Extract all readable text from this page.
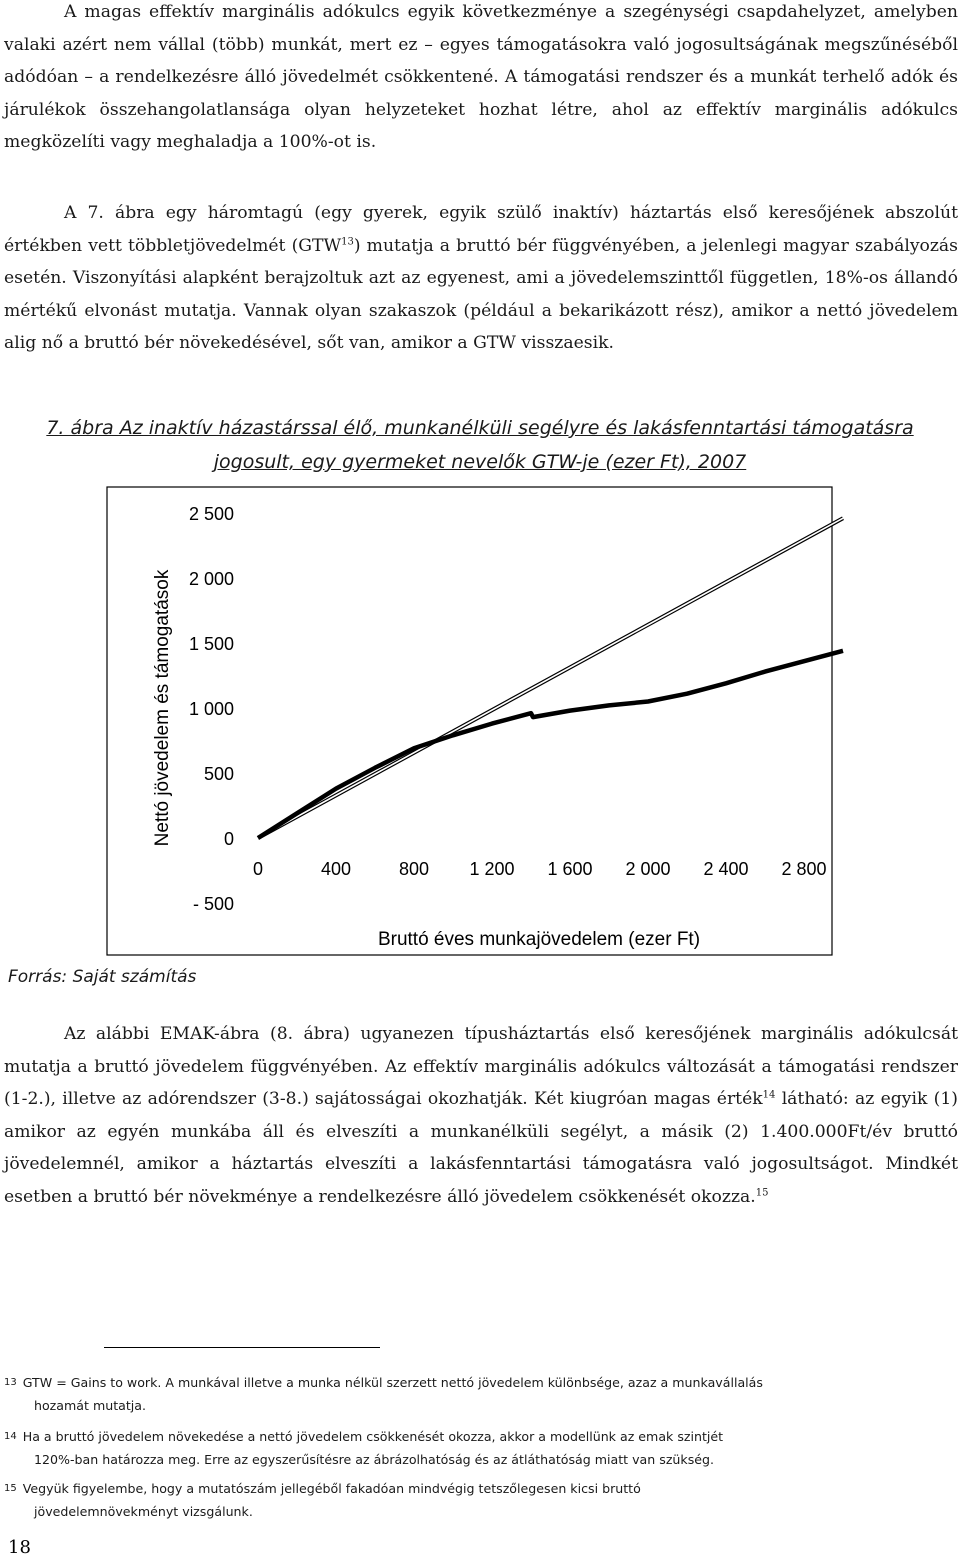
A magas effektív marginális adókulcs egyik következménye a szegénységi csapdahelyzet, amelyben valaki azért nem vállal (több) munkát, mert ez – egyes támogatásokra való jogosultságának megszűnéséből adódóan – a rendelkezésre álló jövedelmét csökkentené. A támogatási rendszer és a munkát terhelő adók és járulékok összehangolatlansága olyan helyzeteket hozhat létre, ahol az effektív marginális adókulcs megközelíti vagy meghaladja a 100%-ot is.

A 7. ábra egy háromtagú (egy gyerek, egyik szülő inaktív) háztartás első keresőjének abszolút értékben vett többletjövedelmét (GTW$^{13}$) mutatja a bruttó bér függvényében, a jelenlegi magyar szabályozás esetén. Viszonyítási alapként berajzoltuk azt az egyenest, ami a jövedelemszinttől független, 18%-os állandó mértékű elvonást mutatja. Vannak olyan szakaszok (például a bekarikázott rész), amikor a nettó jövedelem alig nő a bruttó bér növekedésével, sőt van, amikor a GTW visszaesik.

7. ábra Az inaktív házastárssal élő, munkanélküli segélyre és lakásfenntartási támogatásra
jogosult, egy gyermeket nevelők GTW-je (ezer Ft), 2007
Nettó jövedelem és támogatások
Bruttó éves munkajövedelem (ezer Ft)
2 500
2 000
1 500
1 000
500
0
- 500
0	400	800 1 200 1 600 2 000 2 400 2 800
Forrás: Saját számítás

Az alábbi EMAK-ábra (8. ábra) ugyanezen típusháztartás első keresőjének marginális adókulcsát mutatja a bruttó jövedelem függvényében. Az effektív marginális adókulcs változását a támogatási rendszer (1-2.), illetve az adórendszer (3-8.) sajátosságai okozhatják. Két kiugróan magas érték$^{14}$ látható: az egyik (1) amikor az egyén munkába áll és elveszíti a munkanélküli segélyt, a másik (2) 1.400.000Ft/év bruttó jövedelemnél, amikor a háztartás elveszíti a lakásfenntartási támogatásra való jogosultságot. Mindkét esetben a bruttó bér növekménye a rendelkezésre álló jövedelem csökkenését okozza.$^{15}$

13 GTW = Gains to work. A munkával illetve a munka nélkül szerzett nettó jövedelem különbsége, azaz a munkavállalás
hozamát mutatja.
14 Ha a bruttó jövedelem növekedése a nettó jövedelem csökkenését okozza, akkor a modellünk az emak szintjét
120%-ban határozza meg. Erre az egyszerűsítésre az ábrázolhatóság és az átláthatóság miatt van szükség.
15 Vegyük figyelembe, hogy a mutatószám jellegéből fakadóan mindvégig tetszőlegesen kicsi bruttó
jövedelemnövekményt vizsgálunk.
18
